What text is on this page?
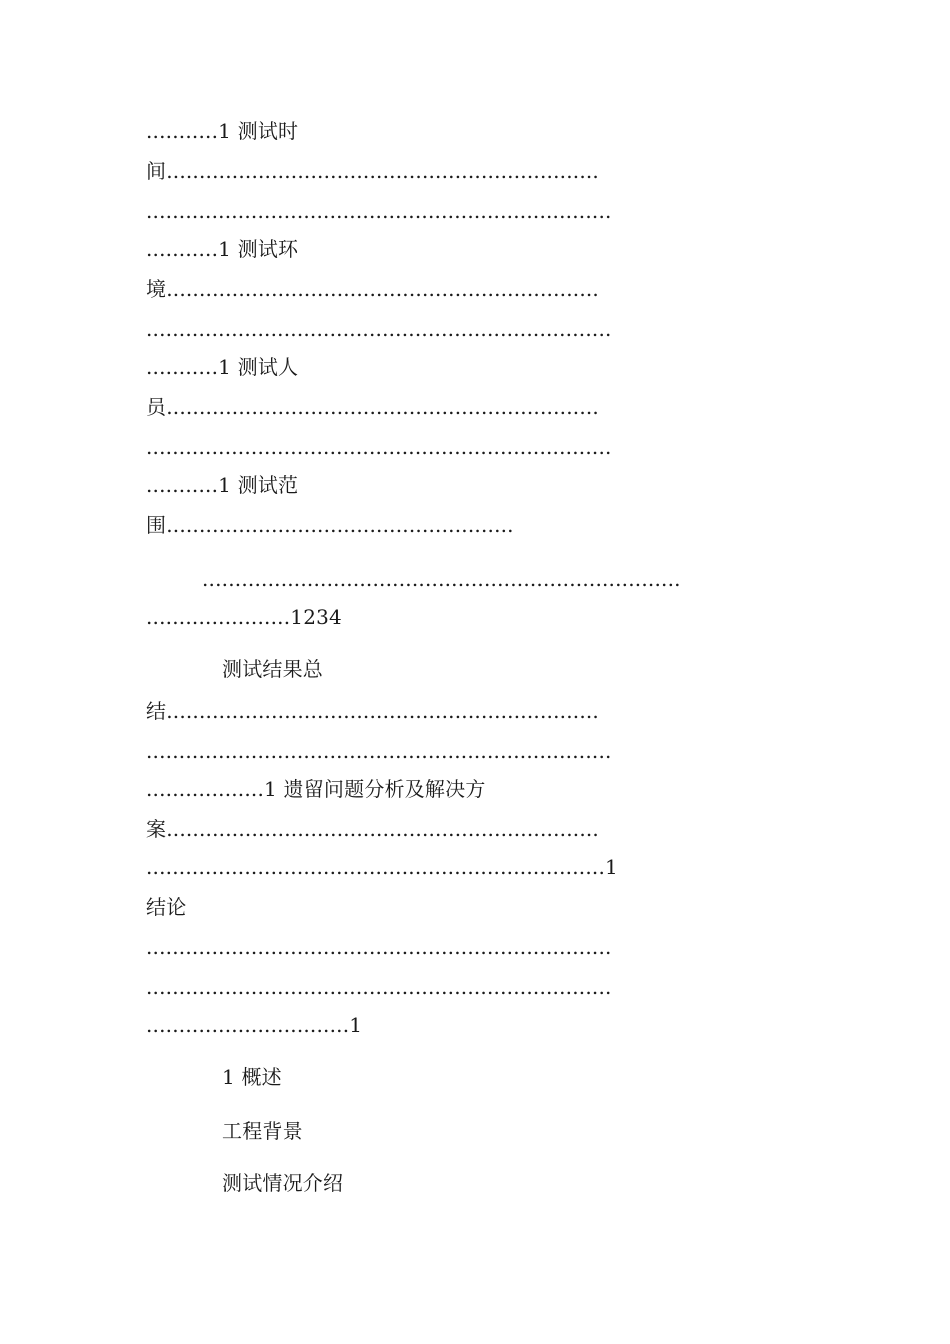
...........1 测试时
间..................................................................
.......................................................................
...........1 测试环
境..................................................................
.......................................................................
...........1 测试人
员..................................................................
.......................................................................
...........1 测试范
围.....................................................
.........................................................................
......................1234
测试结果总
结..................................................................
.......................................................................
..................1 遗留问题分析及解决方
案..................................................................
......................................................................1
结论
.......................................................................
.......................................................................
...............................1
1 概述
工程背景
测试情况介绍
